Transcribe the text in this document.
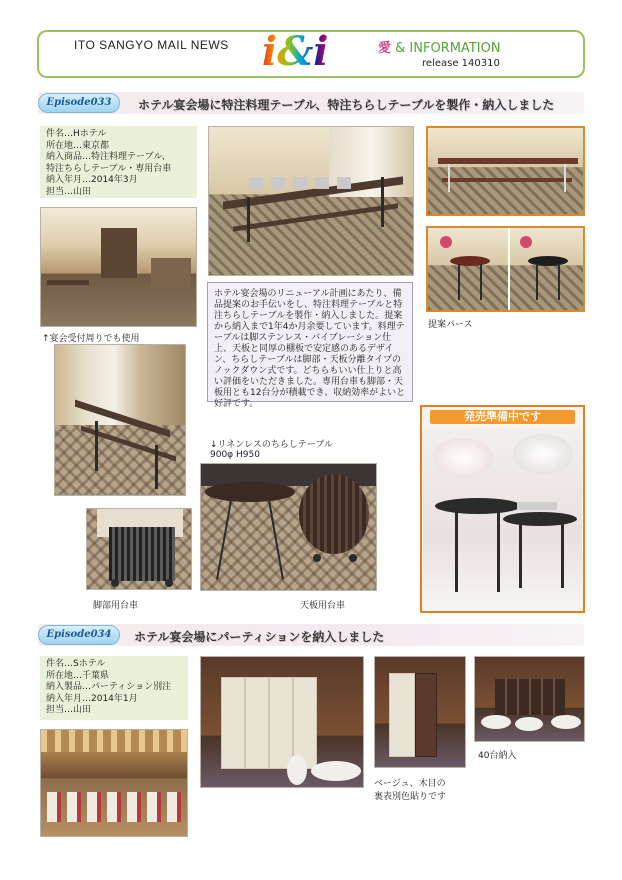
ITO SANGYO MAIL NEWS i&i	愛 & INFORMATION
release 140310
Episode033	ホテル宴会場に特注料理テーブル、特注ちらしテーブルを製作・納入しました
件名…Hホテル
所在地…東京都
納入商品…特注料理テーブル、
特注ちらしテーブル・専用台車
納入年月…2014年3月
担当…山田
↑宴会受付周りでも使用
提案パース
ホテル宴会場のリニューアル計画にあたり、備品提案のお手伝いをし、特注料理テーブルと特注ちらしテーブルを製作・納入しました。提案から納入まで1年4か月余要しています。料理テーブルは脚ステンレス・バイブレーション仕上、天板と同厚の棚板で安定感のあるデザイン、ちらしテーブルは脚部・天板分離タイプのノックダウン式です。どちらもいい仕上りと高い評価をいただきました。専用台車も脚部・天板用とも12台分が積載でき、収納効率がよいと好評です。
発売準備中です
↓リネンレスのちらしテーブル
900φ H950
脚部用台車	天板用台車
Episode034	ホテル宴会場にパーティションを納入しました
件名…Sホテル
所在地…千葉県
納入製品…パーティション別注
納入年月…2014年1月
担当…山田
ベージュ、木目の
裏表別色貼りです
40台納入
